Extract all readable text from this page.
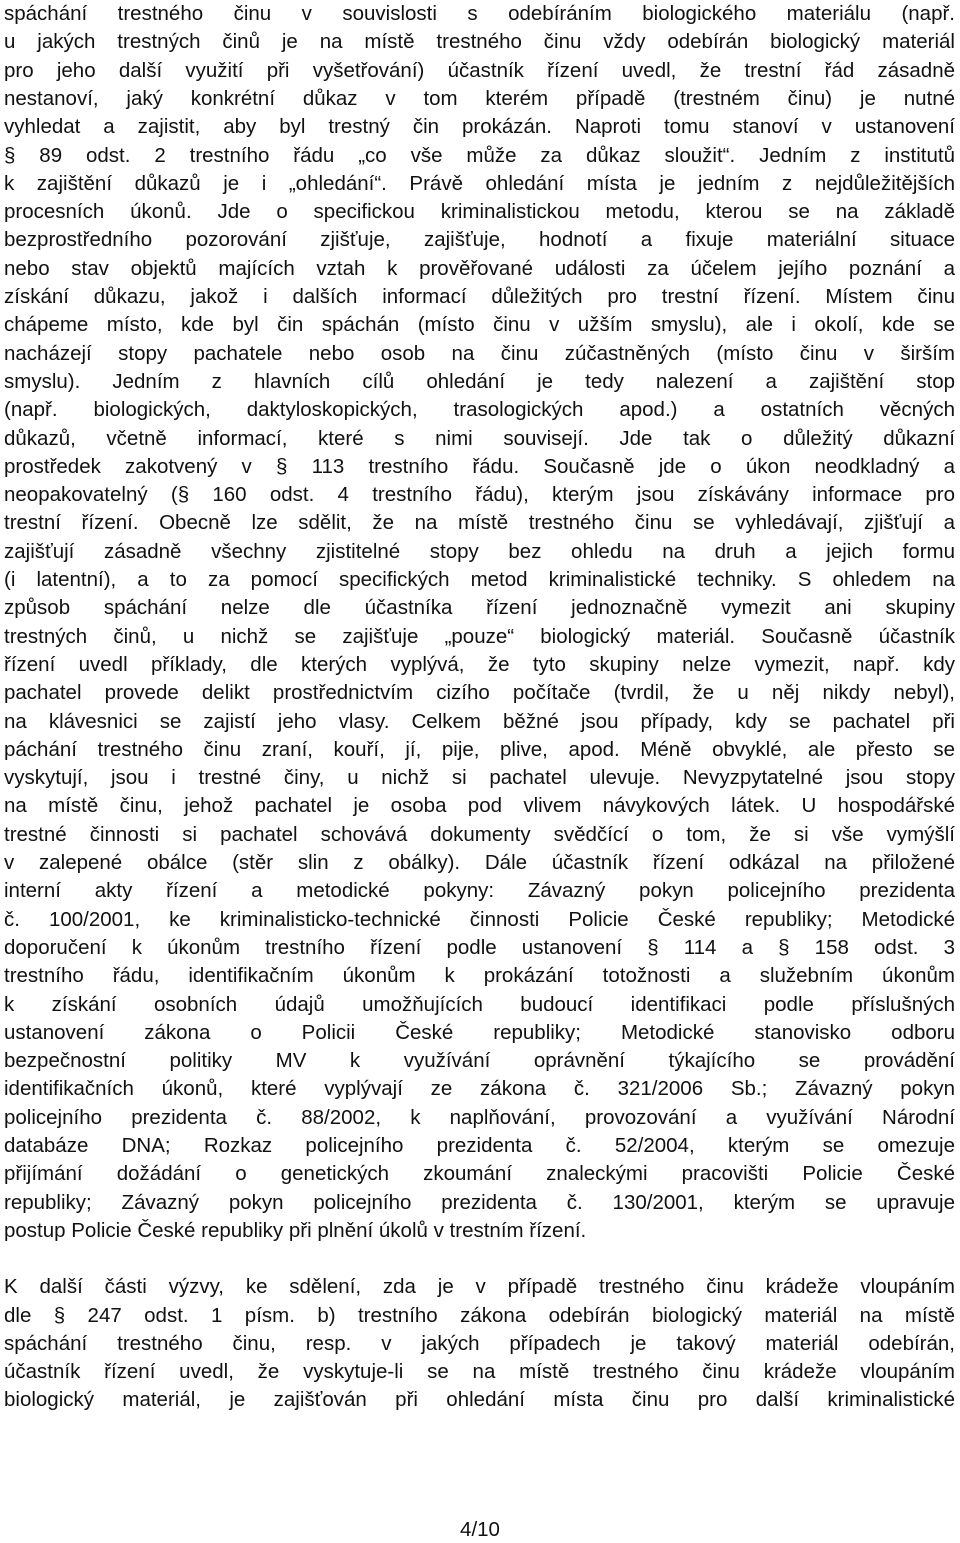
spáchání trestného činu v souvislosti s odebíráním biologického materiálu (např.
u jakých trestných činů je na místě trestného činu vždy odebírán biologický materiál
pro jeho další využití při vyšetřování) účastník řízení uvedl, že trestní řád zásadně
nestanoví, jaký konkrétní důkaz v tom kterém případě (trestném činu) je nutné
vyhledat a zajistit, aby byl trestný čin prokázán. Naproti tomu stanoví v ustanovení
§ 89 odst. 2 trestního řádu „co vše může za důkaz sloužit“. Jedním z institutů
k zajištění důkazů je i „ohledání“. Právě ohledání místa je jedním z nejdůležitějších
procesních úkonů. Jde o specifickou kriminalistickou metodu, kterou se na základě
bezprostředního pozorování zjišťuje, zajišťuje, hodnotí a fixuje materiální situace
nebo stav objektů majících vztah k prověřované události za účelem jejího poznání a
získání důkazu, jakož i dalších informací důležitých pro trestní řízení. Místem činu
chápeme místo, kde byl čin spáchán (místo činu v užším smyslu), ale i okolí, kde se
nacházejí stopy pachatele nebo osob na činu zúčastněných (místo činu v širším
smyslu). Jedním z hlavních cílů ohledání je tedy nalezení a zajištění stop
(např. biologických, daktyloskopických, trasologických apod.) a ostatních věcných
důkazů, včetně informací, které s nimi souvisejí. Jde tak o důležitý důkazní
prostředek zakotvený v § 113 trestního řádu. Současně jde o úkon neodkladný a
neopakovatelný (§ 160 odst. 4 trestního řádu), kterým jsou získávány informace pro
trestní řízení. Obecně lze sdělit, že na místě trestného činu se vyhledávají, zjišťují a
zajišťují zásadně všechny zjistitelné stopy bez ohledu na druh a jejich formu
(i latentní), a to za pomocí specifických metod kriminalistické techniky. S ohledem na
způsob spáchání nelze dle účastníka řízení jednoznačně vymezit ani skupiny
trestných činů, u nichž se zajišťuje „pouze“ biologický materiál. Současně účastník
řízení uvedl příklady, dle kterých vyplývá, že tyto skupiny nelze vymezit, např. kdy
pachatel provede delikt prostřednictvím cizího počítače (tvrdil, že u něj nikdy nebyl),
na klávesnici se zajistí jeho vlasy. Celkem běžné jsou případy, kdy se pachatel při
páchání trestného činu zraní, kouří, jí, pije, plive, apod. Méně obvyklé, ale přesto se
vyskytují, jsou i trestné činy, u nichž si pachatel ulevuje. Nevyzpytatelné jsou stopy
na místě činu, jehož pachatel je osoba pod vlivem návykových látek. U hospodářské
trestné činnosti si pachatel schovává dokumenty svědčící o tom, že si vše vymýšlí
v zalepené obálce (stěr slin z obálky). Dále účastník řízení odkázal na přiložené
interní akty řízení a metodické pokyny: Závazný pokyn policejního prezidenta
č. 100/2001, ke kriminalisticko-technické činnosti Policie České republiky; Metodické
doporučení k úkonům trestního řízení podle ustanovení § 114 a § 158 odst. 3
trestního řádu, identifikačním úkonům k prokázání totožnosti a služebním úkonům
k získání osobních údajů umožňujících budoucí identifikaci podle příslušných
ustanovení zákona o Policii České republiky; Metodické stanovisko odboru
bezpečnostní politiky MV k využívání oprávnění týkajícího se provádění
identifikačních úkonů, které vyplývají ze zákona č. 321/2006 Sb.; Závazný pokyn
policejního prezidenta č. 88/2002, k naplňování, provozování a využívání Národní
databáze DNA; Rozkaz policejního prezidenta č. 52/2004, kterým se omezuje
přijímání dožádání o genetických zkoumání znaleckými pracovišti Policie České
republiky; Závazný pokyn policejního prezidenta č. 130/2001, kterým se upravuje
postup Policie České republiky při plnění úkolů v trestním řízení.
K další části výzvy, ke sdělení, zda je v případě trestného činu krádeže vloupáním
dle § 247 odst. 1 písm. b) trestního zákona odebírán biologický materiál na místě
spáchání trestného činu, resp. v jakých případech je takový materiál odebírán,
účastník řízení uvedl, že vyskytuje-li se na místě trestného činu krádeže vloupáním
biologický materiál, je zajišťován při ohledání místa činu pro další kriminalistické
4/10
